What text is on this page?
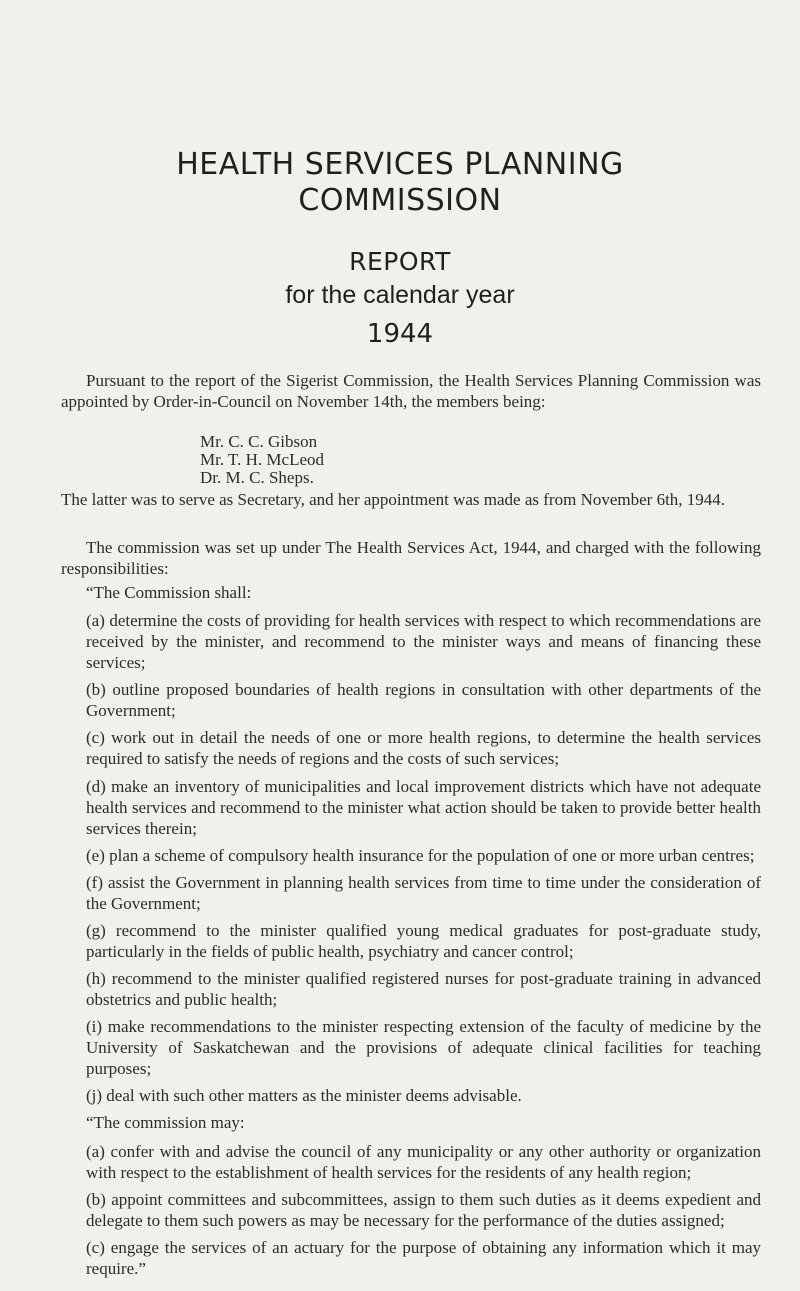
HEALTH SERVICES PLANNING
COMMISSION
REPORT
for the calendar year
1944

Pursuant to the report of the Sigerist Commission, the Health Services Planning Commission was appointed by Order-in-Council on November 14th, the members being:

Mr. C. C. Gibson
Mr. T. H. McLeod
Dr. M. C. Sheps.

The latter was to serve as Secretary, and her appointment was made as from November 6th, 1944.

The commission was set up under The Health Services Act, 1944, and charged with the following responsibilities:

“The Commission shall:

(a) determine the costs of providing for health services with respect to which recommendations are received by the minister, and recommend to the minister ways and means of financing these services;

(b) outline proposed boundaries of health regions in consultation with other departments of the Government;

(c) work out in detail the needs of one or more health regions, to determine the health services required to satisfy the needs of regions and the costs of such services;

(d) make an inventory of municipalities and local improvement districts which have not adequate health services and recommend to the minister what action should be taken to provide better health services therein;

(e) plan a scheme of compulsory health insurance for the population of one or more urban centres;

(f) assist the Government in planning health services from time to time under the consideration of the Government;

(g) recommend to the minister qualified young medical graduates for post-graduate study, particularly in the fields of public health, psychiatry and cancer control;

(h) recommend to the minister qualified registered nurses for post-graduate training in advanced obstetrics and public health;

(i) make recommendations to the minister respecting extension of the faculty of medicine by the University of Saskatchewan and the provisions of adequate clinical facilities for teaching purposes;

(j) deal with such other matters as the minister deems advisable.

“The commission may:

(a) confer with and advise the council of any municipality or any other authority or organization with respect to the establishment of health services for the residents of any health region;

(b) appoint committees and subcommittees, assign to them such duties as it deems expedient and delegate to them such powers as may be necessary for the performance of the duties assigned;

(c) engage the services of an actuary for the purpose of obtaining any information which it may require.”
